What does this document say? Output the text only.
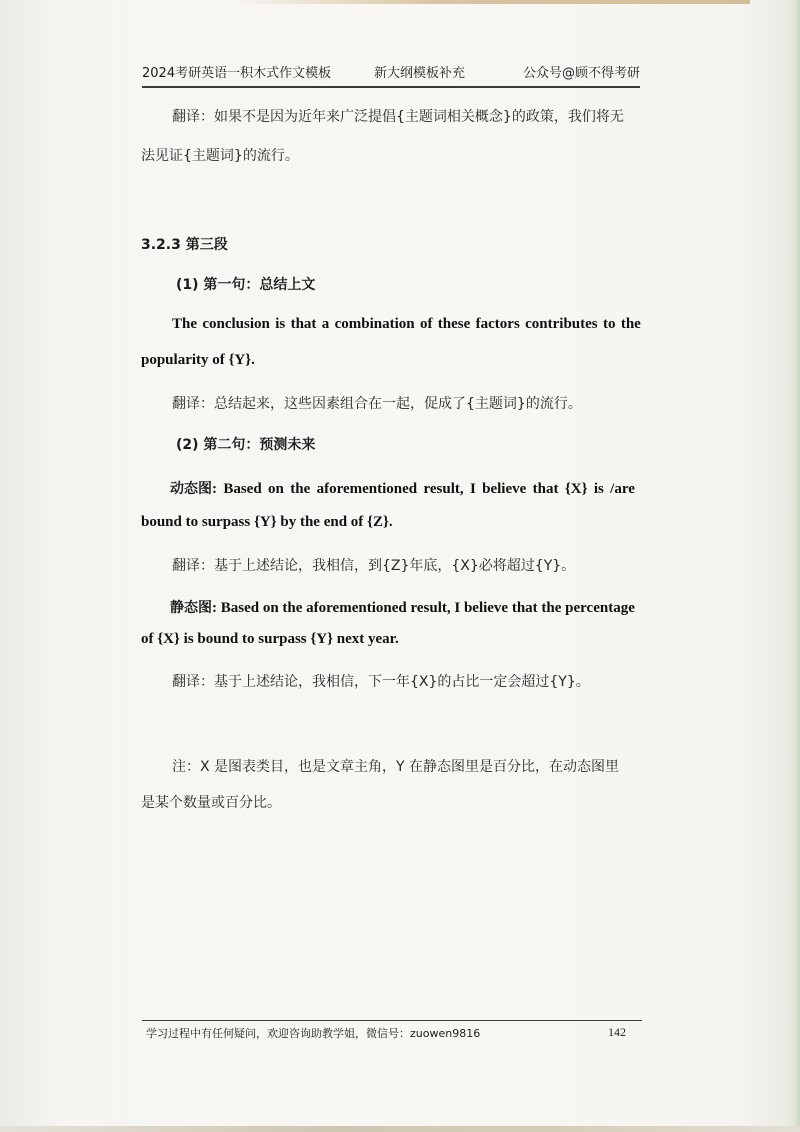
2024考研英语一积木式作文模板	新大纲模板补充	公众号@顾不得考研
翻译：如果不是因为近年来广泛提倡{主题词相关概念}的政策，我们将无
法见证{主题词}的流行。
3.2.3 第三段
(1) 第一句：总结上文
The conclusion is that a combination of these factors contributes to the
popularity of {Y}.
翻译：总结起来，这些因素组合在一起，促成了{主题词}的流行。
(2) 第二句：预测未来
动态图: Based on the aforementioned result, I believe that {X} is /are
bound to surpass {Y} by the end of {Z}.
翻译：基于上述结论，我相信，到{Z}年底，{X}必将超过{Y}。
静态图: Based on the aforementioned result, I believe that the percentage
of {X} is bound to surpass {Y} next year.
翻译：基于上述结论，我相信，下一年{X}的占比一定会超过{Y}。
注：X 是图表类目，也是文章主角，Y 在静态图里是百分比，在动态图里
是某个数量或百分比。
学习过程中有任何疑问，欢迎咨询助教学姐，微信号：zuowen9816	142
